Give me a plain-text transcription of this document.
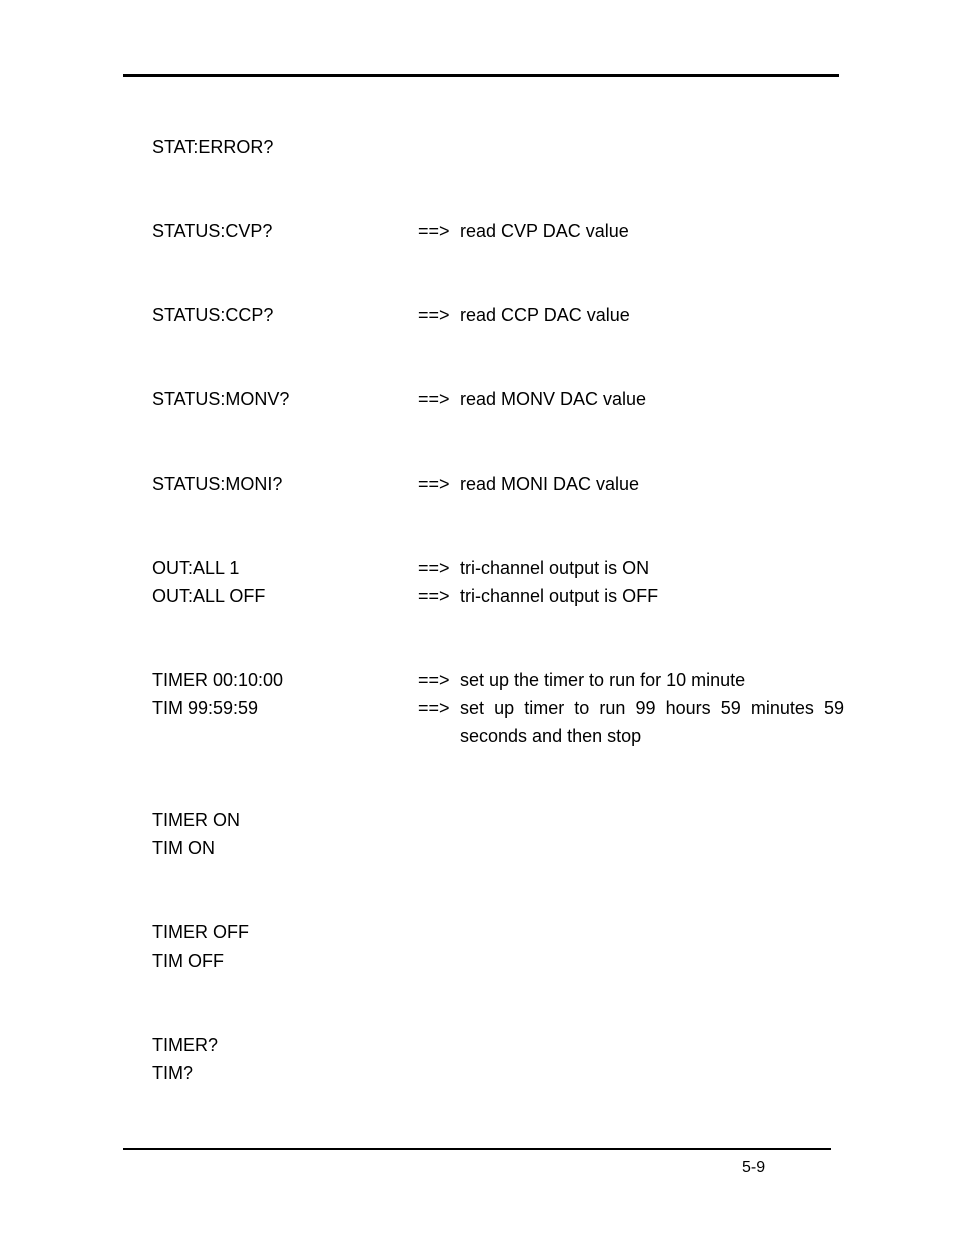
STAT:ERROR?
STATUS:CVP?	==> read CVP DAC value
STATUS:CCP?	==> read CCP DAC value
STATUS:MONV?	==> read MONV DAC value
STATUS:MONI?	==> read MONI DAC value
OUT:ALL 1	==> tri-channel output is ON
OUT:ALL OFF	==> tri-channel output is OFF
TIMER 00:10:00	==> set up the timer to run for 10 minute
TIM 99:59:59	==> set up timer to run 99 hours 59 minutes 59
seconds and then stop
TIMER ON
TIM ON
TIMER OFF
TIM OFF
TIMER?
TIM?
5-9
